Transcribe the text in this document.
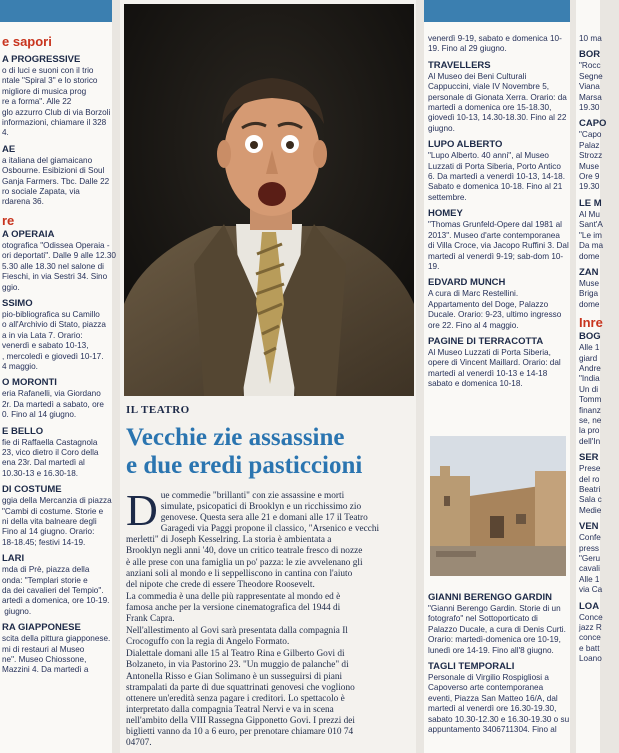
e sapori
A PROGRESSIVE
o di luci e suoni con il trio
ntale "Spiral 3" e lo storico
migliore di musica prog
re a forma". Alle 22
glo azzurro Club di via Borzoli
informazioni, chiamare il 328
4.
AE
a italiana del giamaicano
Osbourne. Esibizioni di Soul
Ganja Farmers. Tbc. Dalle 22
ro sociale Zapata, via
rdarena 36.
re
A OPERAIA
otografica "Odissea Operaia -
ori deportati". Dalle 9 alle 12.30
5.30 alle 18.30 nel salone di
Fieschi, in via Sestri 34. Sino
ggio.
SSIMO
pio-bibliografica su Camillo
o all'Archivio di Stato, piazza
a in via Lata 7. Orario:
venerdì e sabato 10-13,
, mercoledì e giovedì 10-17.
4 maggio.
O MORONTI
eria Rafanelli, via Giordano
2r. Da martedì a sabato, ore
0. Fino al 14 giugno.
E BELLO
fie di Raffaella Castagnola
23, vico dietro il Coro della
ena 23r. Dal martedì al
10.30-13 e 16.30-18.
DI COSTUME
ggia della Mercanzia di piazza
"Cambi di costume. Storie e
ni della vita balneare degli
Fino al 14 giugno. Orario:
18-18.45; festivi 14-19.
LARI
mda di Prè, piazza della
onda: "Templari storie e
da dei cavalieri del Tempio".
artedì a domenica, ore 10-19.
giugno.
RA GIAPPONESE
scita della pittura giapponese.
mi di restauri al Museo
ne". Museo Chiossone,
Mazzini 4. Da martedì a
IL TEATRO
Vecchie zie assassine
e due eredi pasticcioni
D ue commedie "brillanti" con zie assassine e morti
simulate, psicopatici di Brooklyn e un ricchissimo zio
genovese. Questa sera alle 21 e domani alle 17 il Teatro
Garagedi via Paggi propone il classico, "Arsenico e vecchi
merletti" di Joseph Kesselring. La storia è ambientata a
Brooklyn negli anni '40, dove un critico teatrale fresco di nozze
è alle prese con una famiglia un po' pazza: le zie avvelenano gli
anziani soli al mondo e li seppelliscono in cantina con l'aiuto
del nipote che crede di essere Theodore Roosevelt.

La commedia è una delle più rappresentate al mondo ed è
famosa anche per la versione cinematografica del 1944 di
Frank Capra.

Nell'allestimento al Govi sarà presentata dalla compagnia Il
Crocoguffo con la regia di Angelo Formato.

Dialettale domani alle 15 al Teatro Rina e Gilberto Govi di
Bolzaneto, in via Pastorino 23. "Un muggio de palanche" di
Antonella Risso e Gian Solimano è un susseguirsi di piani
strampalati da parte di due squattrinati genovesi che vogliono
ottenere un'eredità senza pagare i creditori. Lo spettacolo è
interpretato dalla compagnia Teatral Nervi e va in scena
nell'ambito della VIII Rassegna Gipponetto Govi. I prezzi dei
biglietti vanno da 10 a 6 euro, per prenotare chiamare 010 74
04707.

venerdì 9-19, sabato e domenica 10-
19. Fino al 29 giugno.
TRAVELLERS
Al Museo dei Beni Culturali
Cappuccini, viale IV Novembre 5,
personale di Gionata Xerra. Orario: da
martedì a domenica ore 15-18.30,
giovedì 10-13, 14.30-18.30. Fino al 22
giugno.
LUPO ALBERTO
"Lupo Alberto. 40 anni", al Museo
Luzzati di Porta Siberia, Porto Antico
6. Da martedì a venerdì 10-13, 14-18.
Sabato e domenica 10-18. Fino al 21
settembre.
HOMEY
"Thomas Grunfeld-Opere dal 1981 al
2013". Museo d'arte contemporanea
di Villa Croce, via Jacopo Ruffini 3. Dal
martedì al venerdì 9-19; sab-dom 10-
19.
EDVARD MUNCH
A cura di Marc Restellini.
Appartamento del Doge, Palazzo
Ducale. Orario: 9-23, ultimo ingresso
ore 22. Fino al 4 maggio.
PAGINE DI TERRACOTTA
Al Museo Luzzati di Porta Siberia,
opere di Vincent Maillard. Orario: dal
martedì al venerdì 10-13 e 14-18
sabato e domenica 10-18.
GIANNI BERENGO GARDIN
"Gianni Berengo Gardin. Storie di un
fotografo" nel Sottoporticato di
Palazzo Ducale, a cura di Denis Curti.
Orario: martedì-domenica ore 10-19,
lunedì ore 14-19. Fino all'8 giugno.
TAGLI TEMPORALI
Personale di Virgilio Rospigliosi a
Capoverso arte contemporanea
eventi, Piazza San Matteo 16/A, dal
martedì al venerdì ore 16.30-19.30,
sabato 10.30-12.30 e 16.30-19.30 o su
appuntamento 3406711304. Fino al
10 ma
BOR
"Rocc
Segne
Viana
Marsa
19.30
CAPO
"Capo
Palaz
Strozz
Muse
Ore 9
19.30
LE M
Al Mu
Sant'A
"Le im
Da ma
dome
ZAN
Muse
Briga
dome
Inre
BOG
Alle 1
giard
Andre
"India
Un di
Tomm
finanz
se, ne
la pro
dell'In
SER
Prese
del ro
Beatri
Sala c
Medie
VEN
Confe
press
"Geru
cavali
Alle 1
via Ca
LOA
Conce
jazz R
conce
e batt
Loano
